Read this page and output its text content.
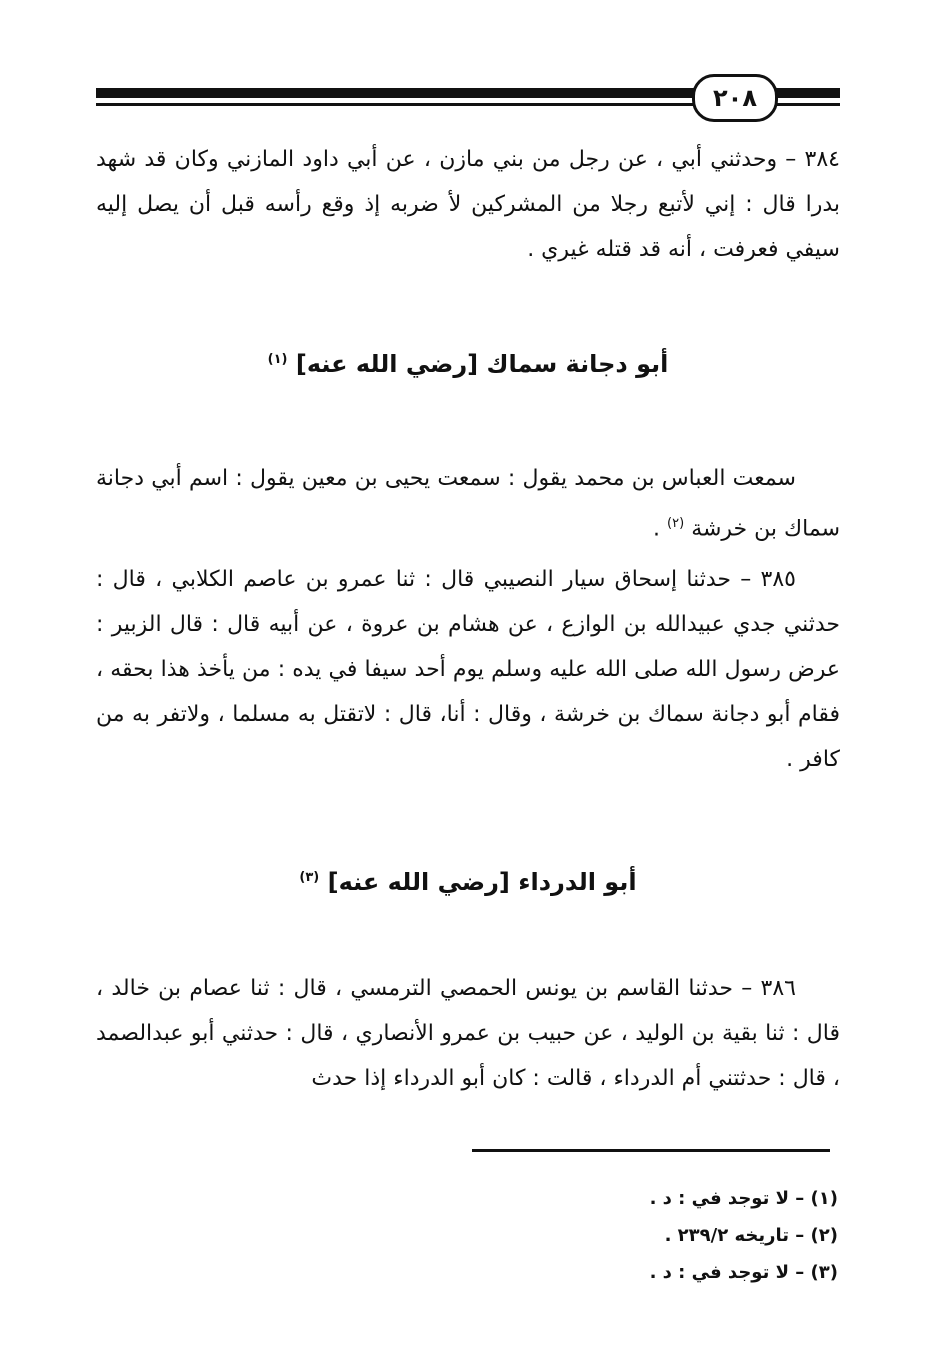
٢٠٨

٣٨٤ – وحدثني أبي ، عن رجل من بني مازن ، عن أبي داود المازني وكان قد شهد بدرا قال : إني لأتبع رجلا من المشركين لأ ضربه إذ وقع رأسه قبل أن يصل إليه سيفي فعرفت ، أنه قد قتله غيري .

أبو دجانة سماك [رضي الله عنه] $^{(١)}$

سمعت العباس بن محمد يقول : سمعت يحيى بن معين يقول : اسم أبي دجانة سماك بن خرشة $^{(٢)}$ .

٣٨٥ – حدثنا إسحاق سيار النصيبي قال : ثنا عمرو بن عاصم الكلابي ، قال : حدثني جدي عبيدالله بن الوازع ، عن هشام بن عروة ، عن أبيه قال : قال الزبير : عرض رسول الله صلى الله عليه وسلم يوم أحد سيفا في يده : من يأخذ هذا بحقه ، فقام أبو دجانة سماك بن خرشة ، وقال : أنا، قال : لاتقتل به مسلما ، ولاتفر به من كافر .

أبو الدرداء [رضي الله عنه] $^{(٣)}$

٣٨٦ – حدثنا القاسم بن يونس الحمصي الترمسي ، قال : ثنا عصام بن خالد ، قال : ثنا بقية بن الوليد ، عن حبيب بن عمرو الأنصاري ، قال : حدثني أبو عبدالصمد ، قال : حدثتني أم الدرداء ، قالت : كان أبو الدرداء إذا حدث

(١) – لا توجد في : د .
(٢) – تاريخه ٢٣٩/٢ .
(٣) – لا توجد في : د .
